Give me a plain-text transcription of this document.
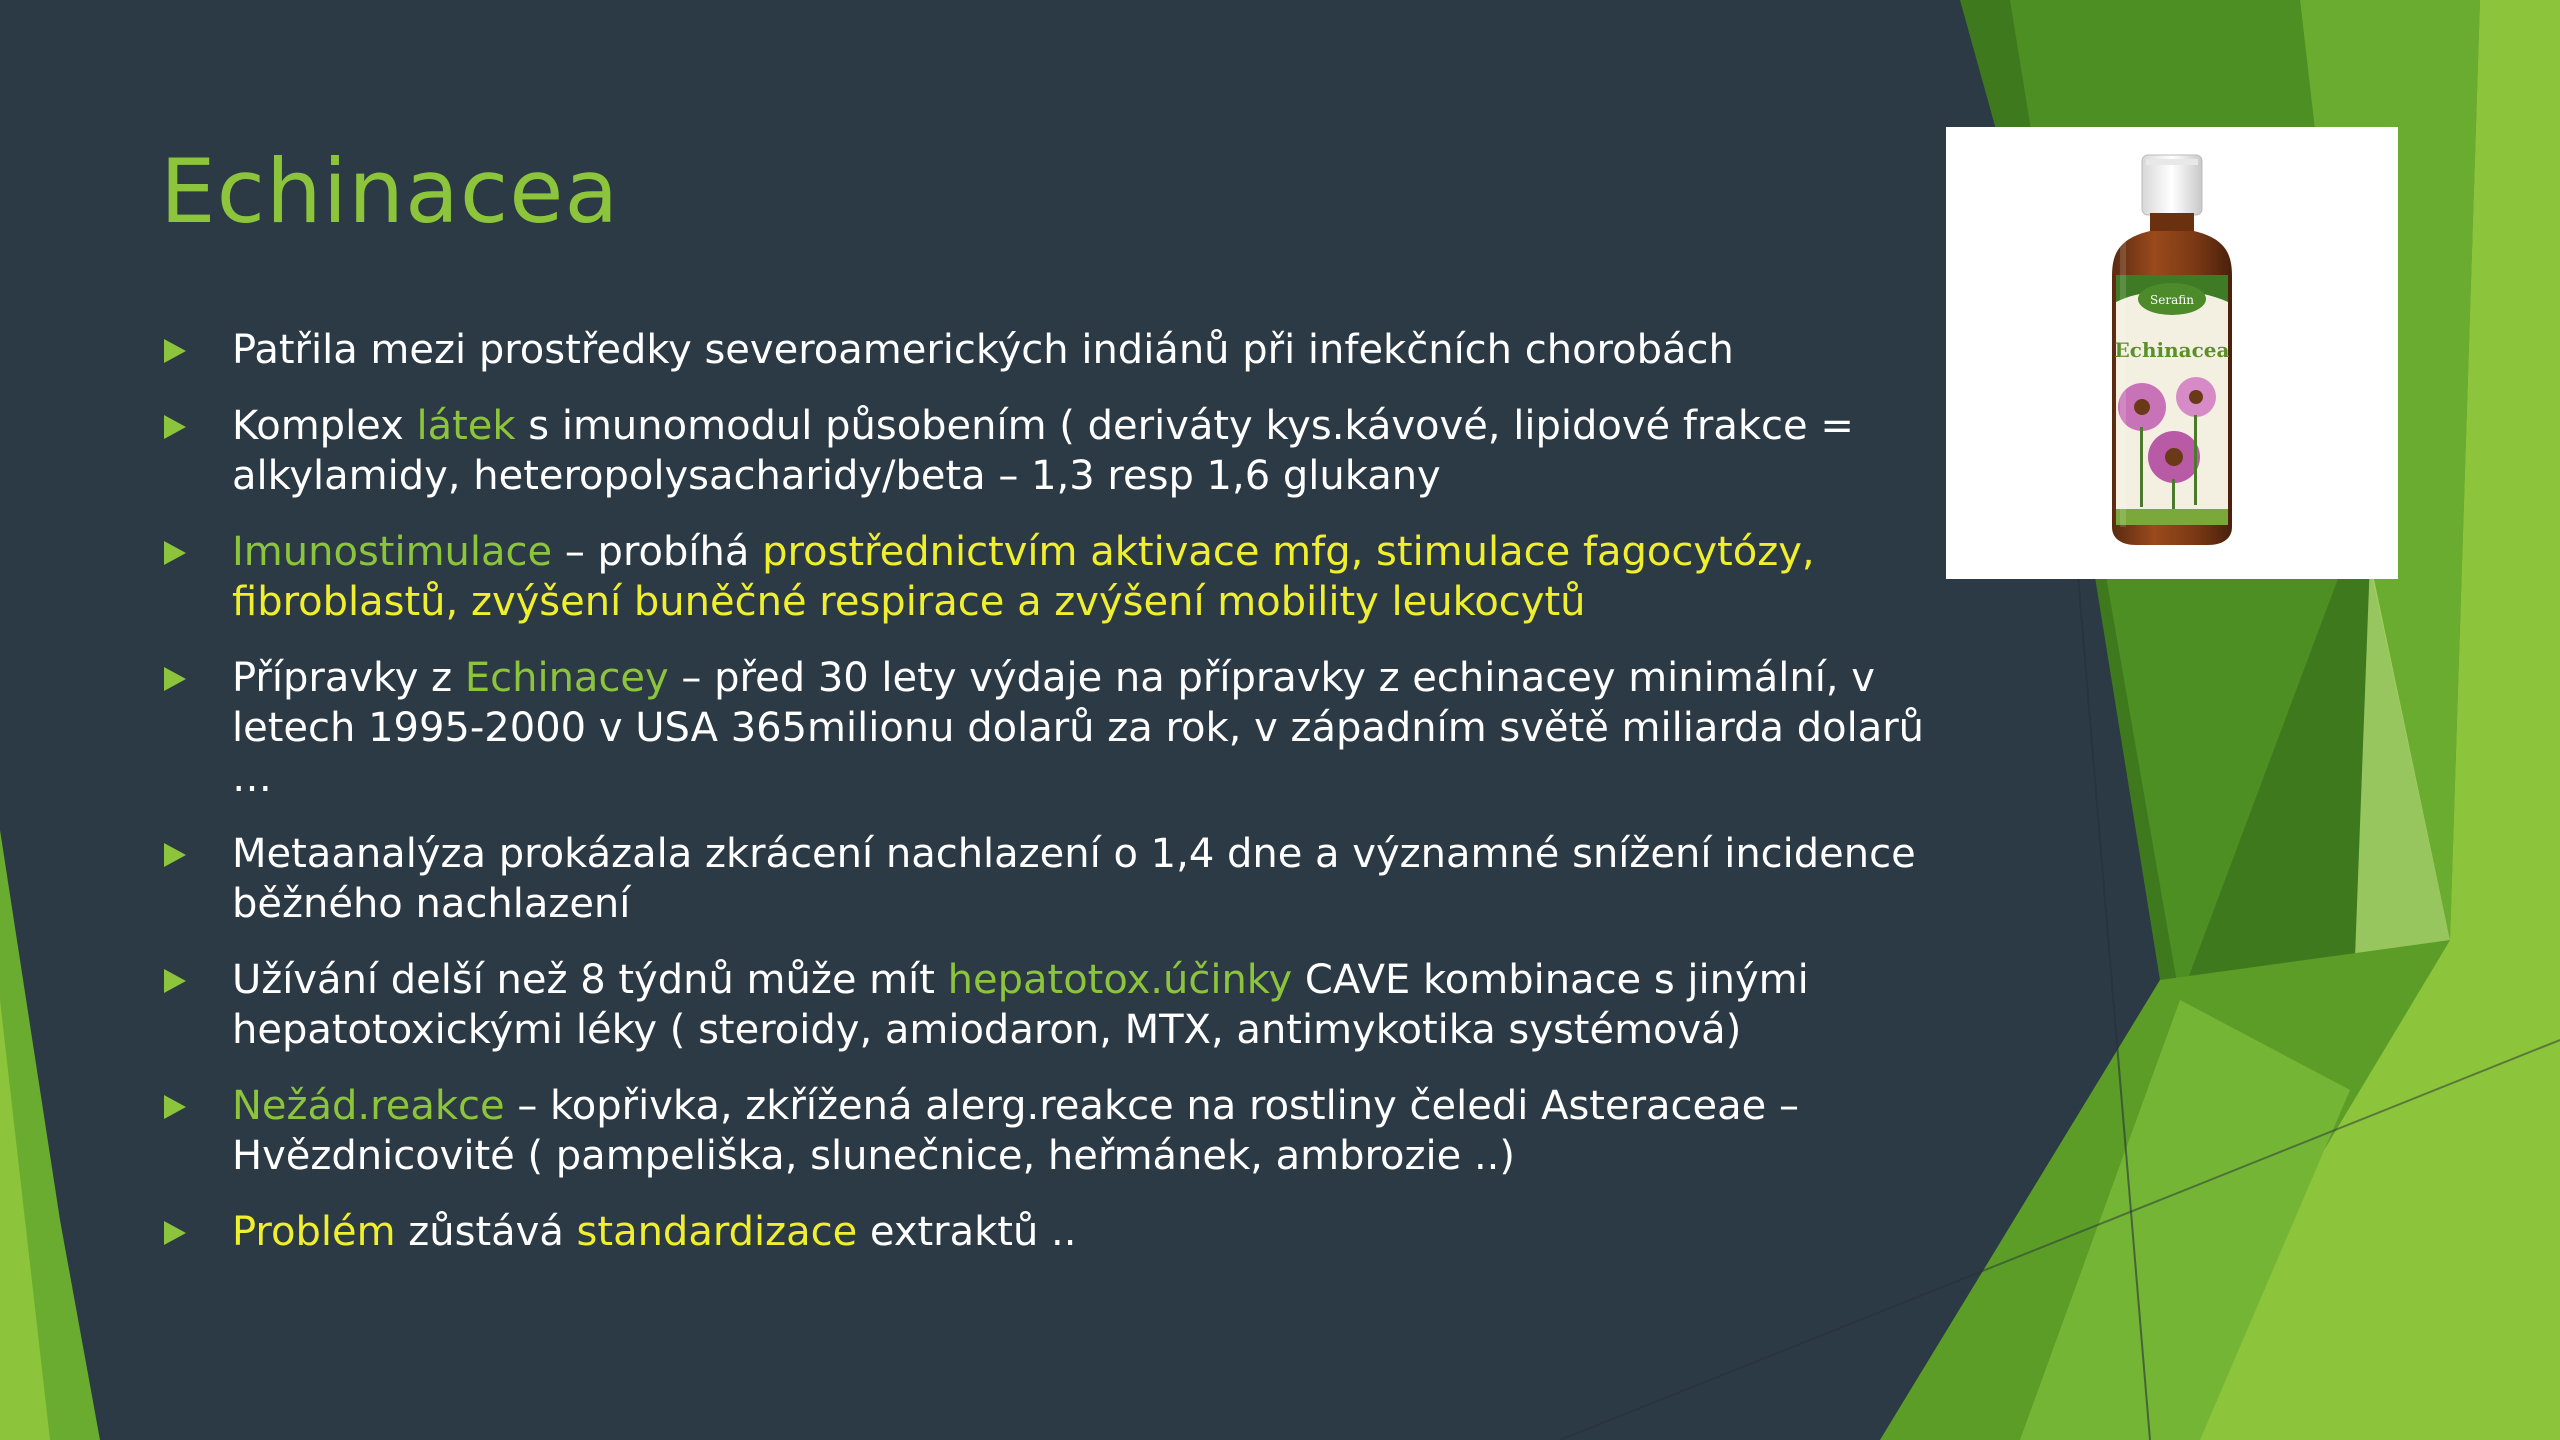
Echinacea
Patřila mezi prostředky severoamerických indiánů při infekčních chorobách
Komplex látek s imunomodul působením ( deriváty kys.kávové, lipidové frakce = alkylamidy, heteropolysacharidy/beta – 1,3 resp 1,6 glukany
Imunostimulace – probíhá prostřednictvím aktivace mfg, stimulace fagocytózy, fibroblastů, zvýšení buněčné respirace a zvýšení mobility leukocytů
Přípravky z Echinacey – před 30 lety výdaje na přípravky z echinacey minimální, v letech 1995-2000 v USA 365milionu dolarů za rok, v západním světě miliarda dolarů …
Metaanalýza prokázala zkrácení nachlazení o 1,4 dne a významné snížení incidence běžného nachlazení
Užívání delší než 8 týdnů může mít hepatotox.účinky CAVE kombinace s jinými hepatotoxickými léky ( steroidy, amiodaron, MTX, antimykotika systémová)
Nežád.reakce – kopřivka, zkřížená alerg.reakce na rostliny čeledi Asteraceae – Hvězdnicovité ( pampeliška, slunečnice, heřmánek, ambrozie ..)
Problém zůstává standardizace extraktů ..
Serafin
Echinacea
